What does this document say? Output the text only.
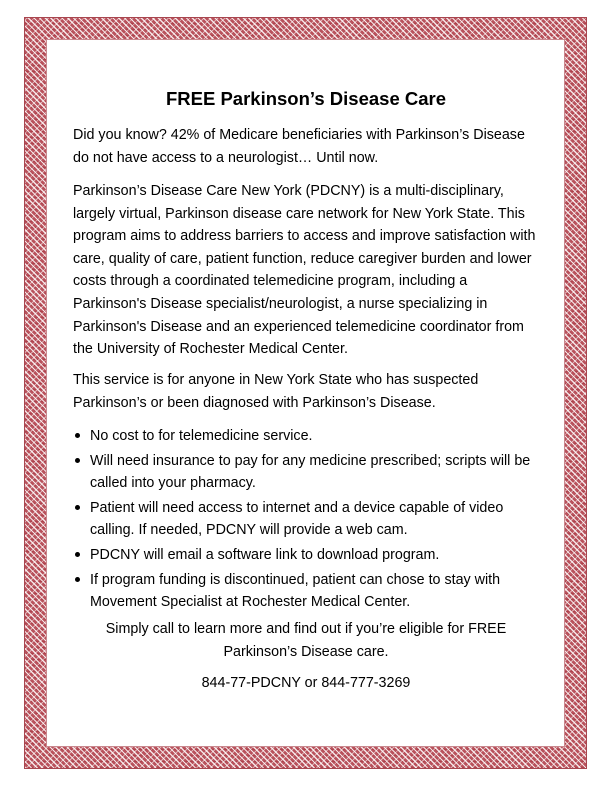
FREE Parkinson’s Disease Care

Did you know? 42% of Medicare beneficiaries with Parkinson’s Disease do not have access to a neurologist… Until now.

Parkinson’s Disease Care New York (PDCNY) is a multi-disciplinary, largely virtual, Parkinson disease care network for New York State. This program aims to address barriers to access and improve satisfaction with care, quality of care, patient function, reduce caregiver burden and lower costs through a coordinated telemedicine program, including a Parkinson's Disease specialist/neurologist, a nurse specializing in Parkinson's Disease and an experienced telemedicine coordinator from the University of Rochester Medical Center.

This service is for anyone in New York State who has suspected Parkinson’s or been diagnosed with Parkinson’s Disease.

No cost to for telemedicine service.
Will need insurance to pay for any medicine prescribed; scripts will be called into your pharmacy.
Patient will need access to internet and a device capable of video calling. If needed, PDCNY will provide a web cam.
PDCNY will email a software link to download program.
If program funding is discontinued, patient can chose to stay with Movement Specialist at Rochester Medical Center.

Simply call to learn more and find out if you’re eligible for FREE Parkinson’s Disease care.

844-77-PDCNY or 844-777-3269
